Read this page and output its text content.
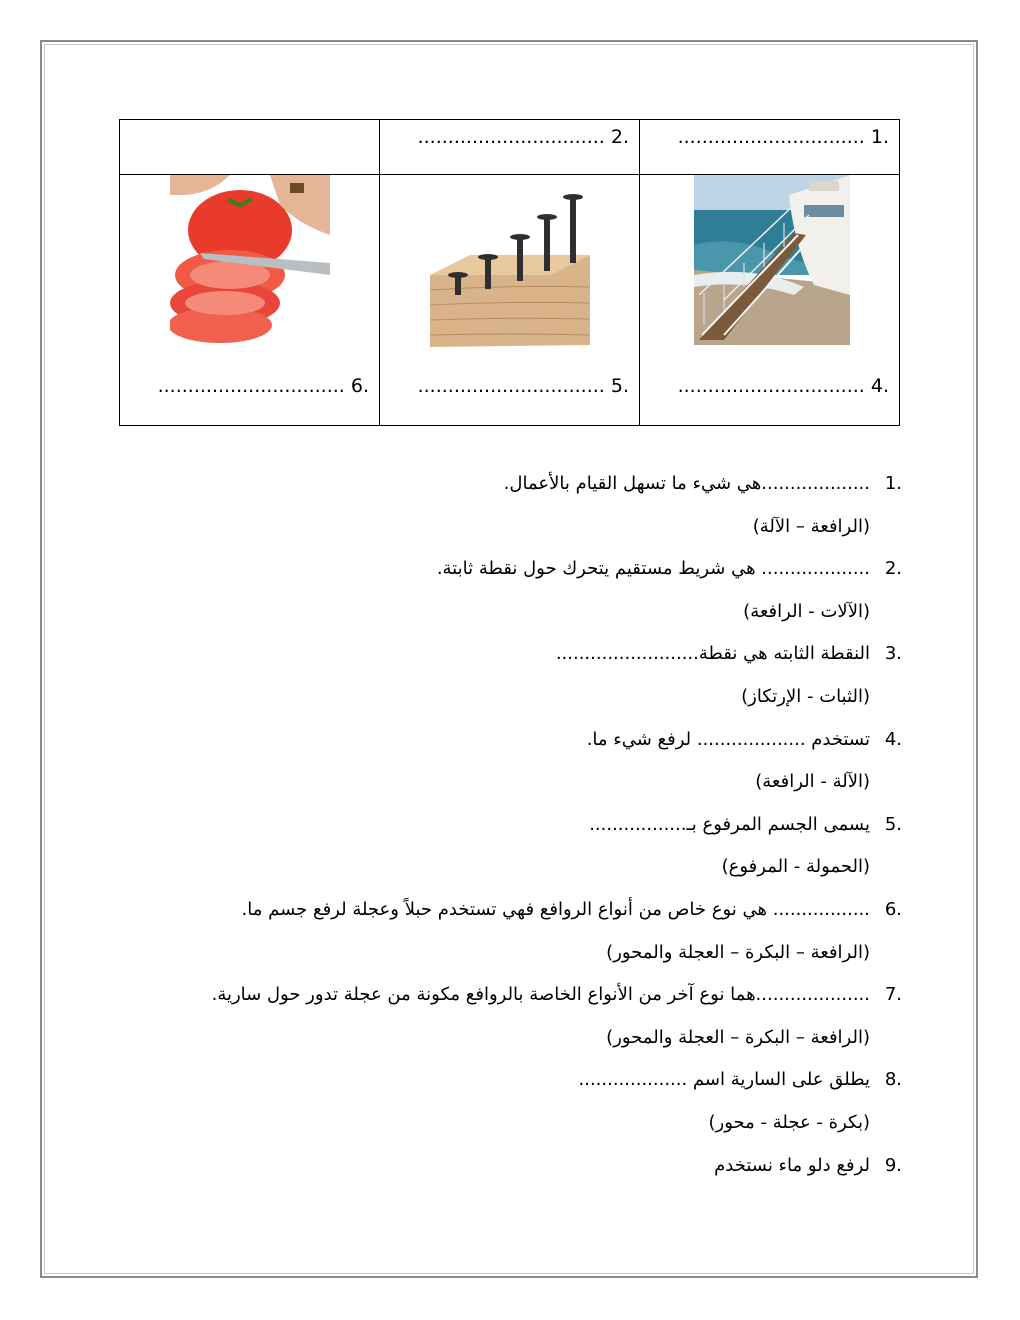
.1 ...............................	.2 ...............................	

.4 ...............................	.5 ...............................	.6 ...............................
.1...................هي شيء ما تسهل القيام بالأعمال.
(الرافعة – الآلة)
.2................... هي شريط مستقيم يتحرك حول نقطة ثابتة.
(الآلات - الرافعة)
.3النقطة الثابته هي نقطة.........................
(الثبات - الإرتكاز)
.4تستخدم ................... لرفع شيء ما.
(الآلة - الرافعة)
.5يسمى الجسم المرفوع بـ.................
(الحمولة - المرفوع)
.6................. هي نوع خاص من أنواع الروافع فهي تستخدم حبلاً وعجلة لرفع جسم ما.
(الرافعة – البكرة – العجلة والمحور)
.7....................هما نوع آخر من الأنواع الخاصة بالروافع مكونة من عجلة تدور حول سارية.
(الرافعة – البكرة – العجلة والمحور)
.8يطلق على السارية اسم ...................
(بكرة - عجلة - محور)
.9لرفع دلو ماء نستخدم
